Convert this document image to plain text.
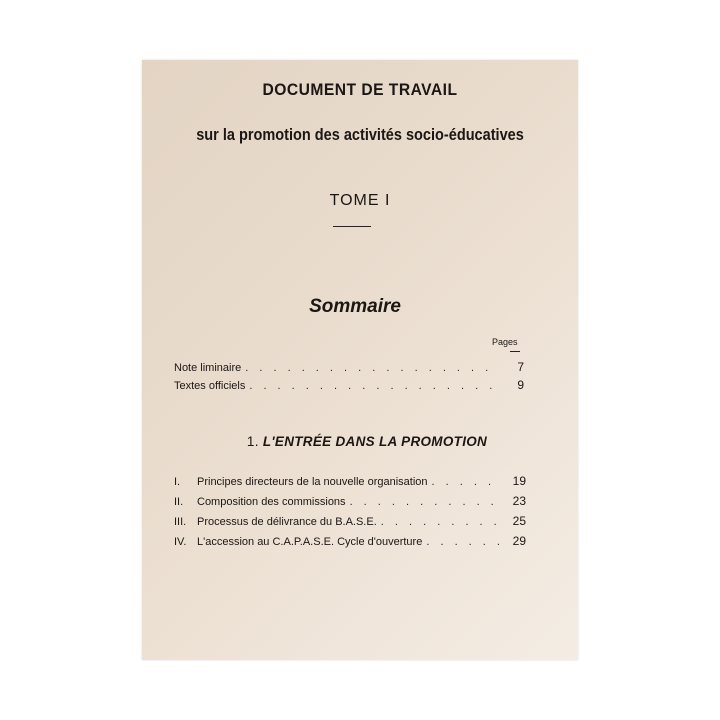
DOCUMENT DE TRAVAIL
sur la promotion des activités socio-éducatives
TOME I
Sommaire
Pages
Note liminaire . . .	7
Textes officiels . . .	9
1. L'ENTRÉE DANS LA PROMOTION
I. Principes directeurs de la nouvelle organisation . . .	19
II. Composition des commissions . . .	23
III. Processus de délivrance du B.A.S.E. . . .	25
IV. L'accession au C.A.P.A.S.E. Cycle d'ouverture . . .	29
